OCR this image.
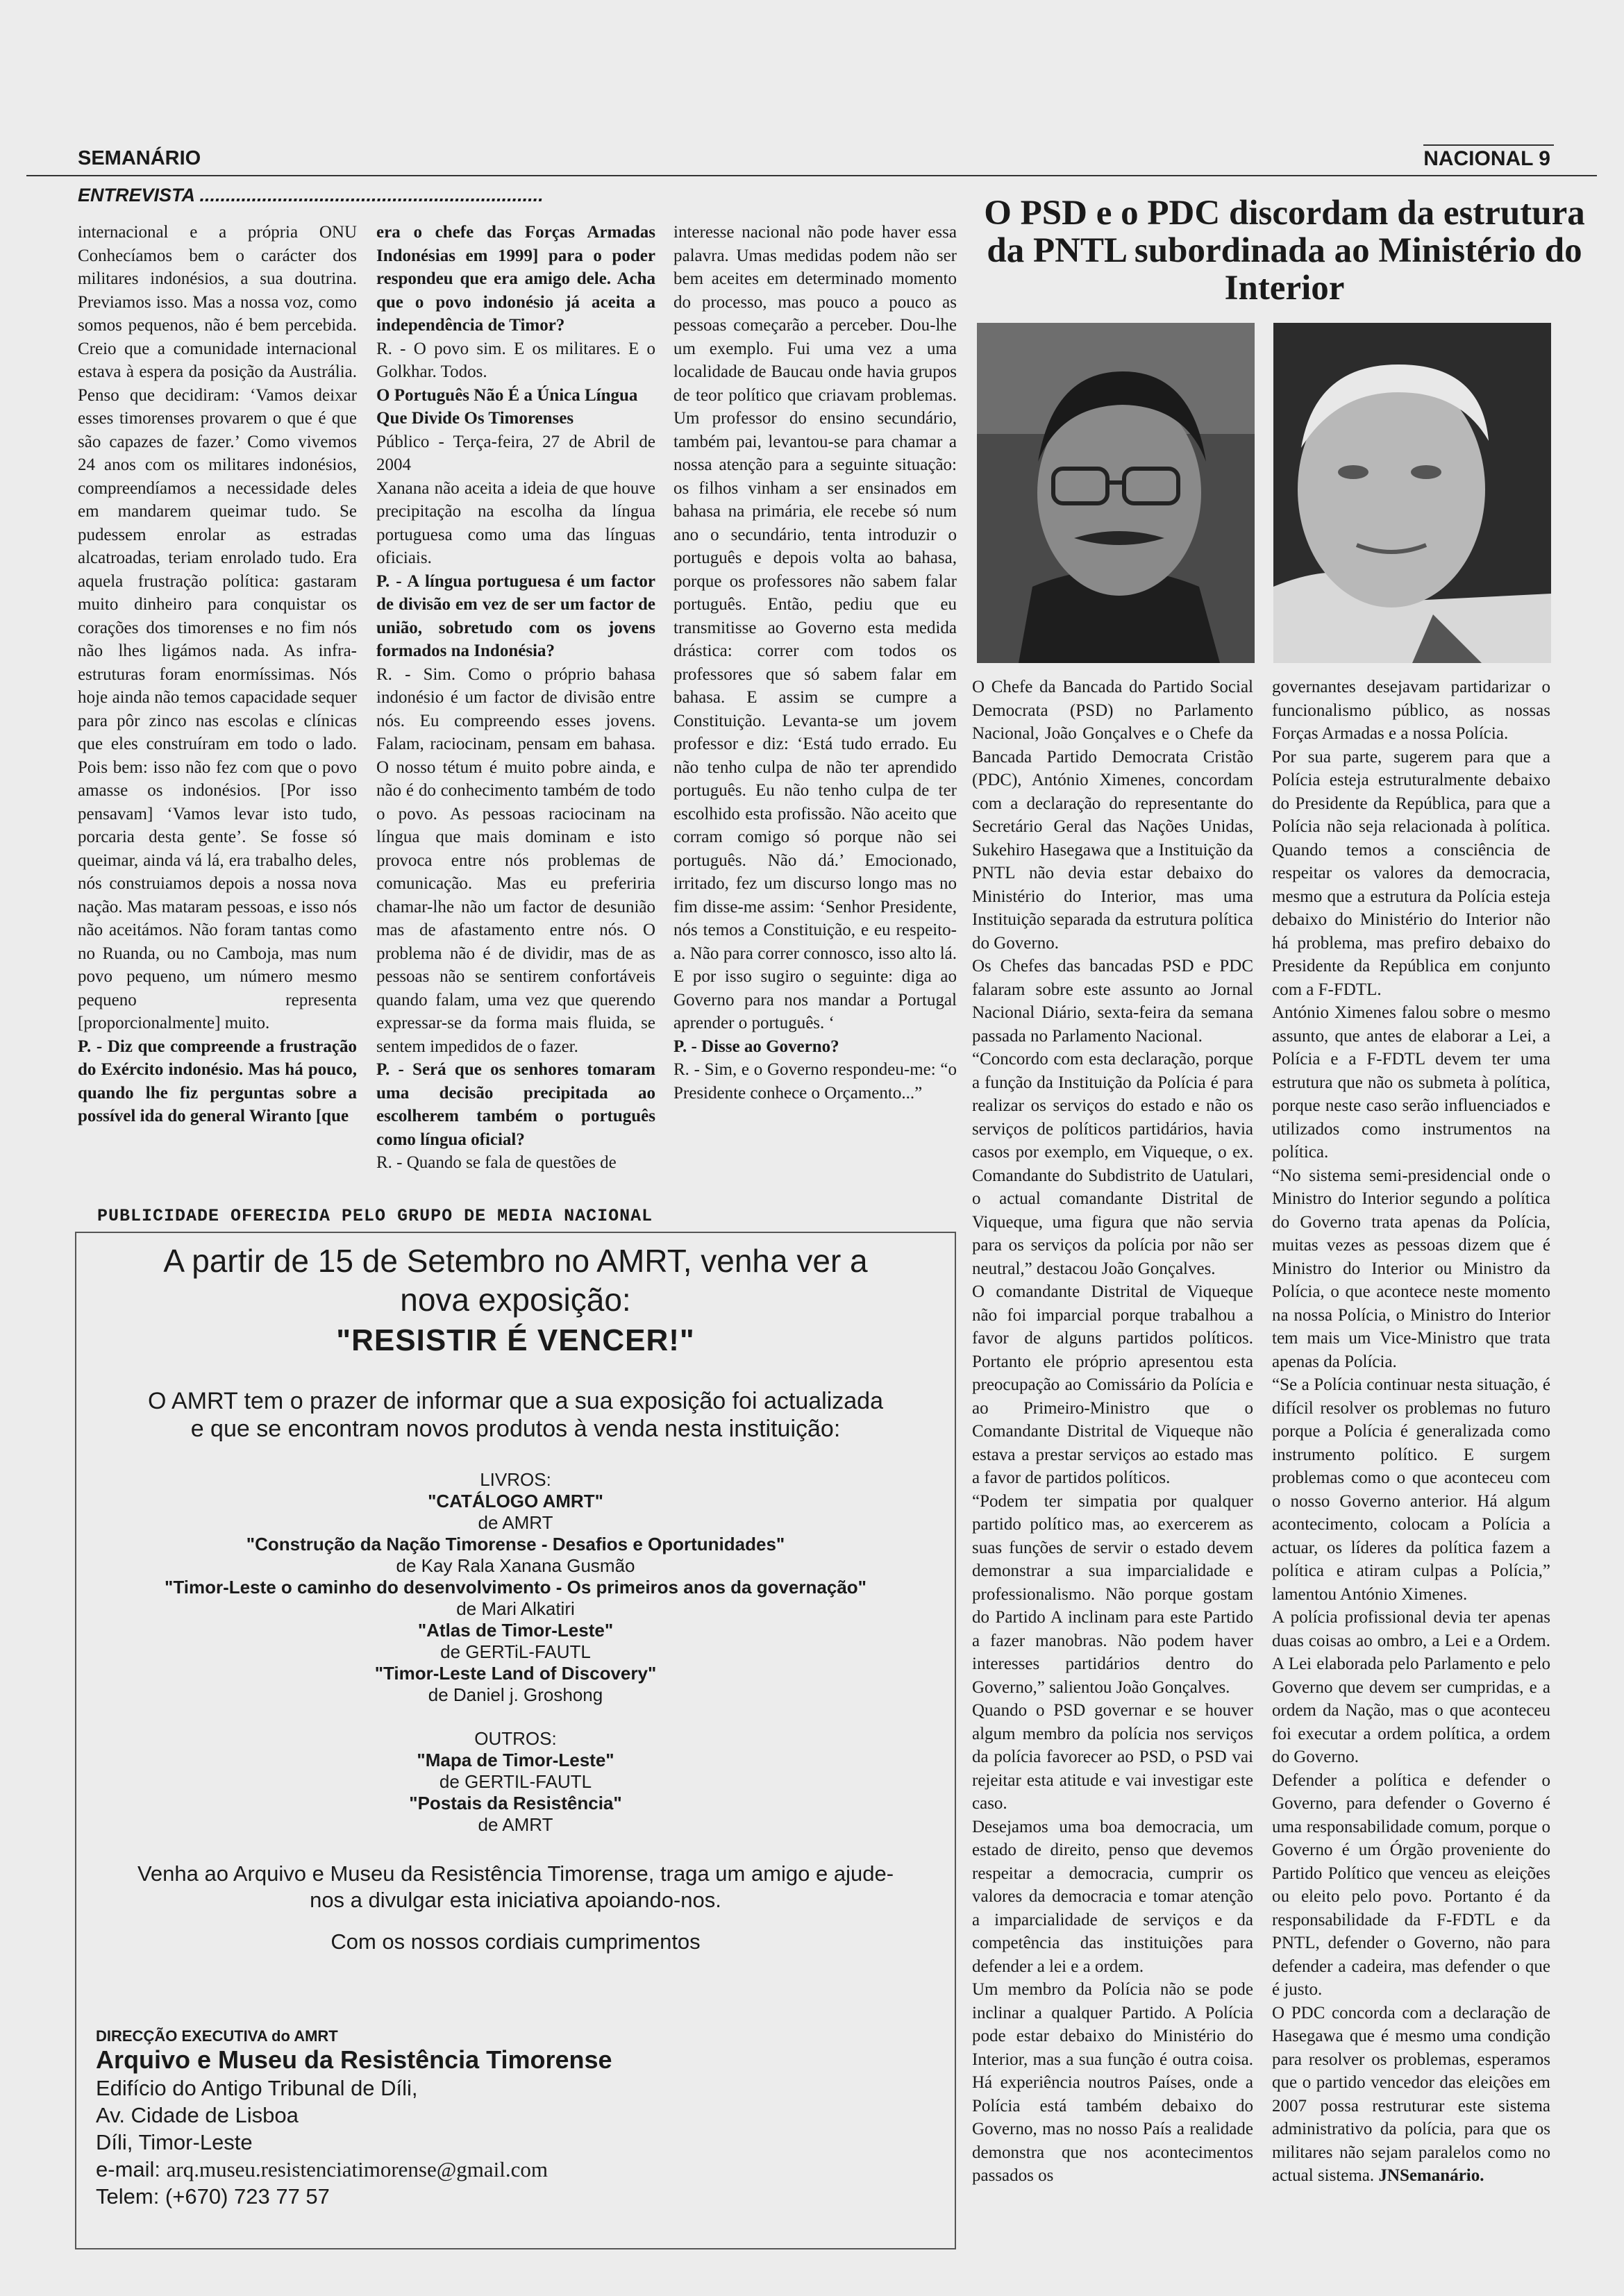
SEMANÁRIO	NACIONAL 9
ENTREVISTA ..................................................................

internacional e a própria ONU Conhecíamos bem o carácter dos militares indonésios, a sua doutrina. Previamos isso. Mas a nossa voz, como somos pequenos, não é bem percebida. Creio que a comunidade internacional estava à espera da posição da Austrália. Penso que decidiram: ‘Vamos deixar esses timorenses provarem o que é que são capazes de fazer.’ Como vivemos 24 anos com os militares indonésios, compreendíamos a necessidade deles em mandarem queimar tudo. Se pudessem enrolar as estradas alcatroadas, teriam enrolado tudo. Era aquela frustração política: gastaram muito dinheiro para conquistar os corações dos timorenses e no fim nós não lhes ligámos nada. As infra-estruturas foram enormíssimas. Nós hoje ainda não temos capacidade sequer para pôr zinco nas escolas e clínicas que eles construíram em todo o lado. Pois bem: isso não fez com que o povo amasse os indonésios. [Por isso pensavam] ‘Vamos levar isto tudo, porcaria desta gente’. Se fosse só queimar, ainda vá lá, era trabalho deles, nós construiamos depois a nossa nova nação. Mas mataram pessoas, e isso nós não aceitámos. Não foram tantas como no Ruanda, ou no Camboja, mas num povo pequeno, um número mesmo pequeno representa [proporcionalmente] muito.

P. - Diz que compreende a frustração do Exército indonésio. Mas há pouco, quando lhe fiz perguntas sobre a possível ida do general Wiranto [que

era o chefe das Forças Armadas Indonésias em 1999] para o poder respondeu que era amigo dele. Acha que o povo indonésio já aceita a independência de Timor?

R. - O povo sim. E os militares. E o Golkhar. Todos.

O Português Não É a Única Língua Que Divide Os Timorenses

Público - Terça-feira, 27 de Abril de 2004

Xanana não aceita a ideia de que houve precipitação na escolha da língua portuguesa como uma das línguas oficiais.

P. - A língua portuguesa é um factor de divisão em vez de ser um factor de união, sobretudo com os jovens formados na Indonésia?

R. - Sim. Como o próprio bahasa indonésio é um factor de divisão entre nós. Eu compreendo esses jovens. Falam, raciocinam, pensam em bahasa. O nosso tétum é muito pobre ainda, e não é do conhecimento também de todo o povo. As pessoas raciocinam na língua que mais dominam e isto provoca entre nós problemas de comunicação. Mas eu preferiria chamar-lhe não um factor de desunião mas de afastamento entre nós. O problema não é de dividir, mas de as pessoas não se sentirem confortáveis quando falam, uma vez que querendo expressar-se da forma mais fluida, se sentem impedidos de o fazer.

P. - Será que os senhores tomaram uma decisão precipitada ao escolherem também o português como língua oficial?

R. - Quando se fala de questões de

interesse nacional não pode haver essa palavra. Umas medidas podem não ser bem aceites em determinado momento do processo, mas pouco a pouco as pessoas começarão a perceber. Dou-lhe um exemplo. Fui uma vez a uma localidade de Baucau onde havia grupos de teor político que criavam problemas. Um professor do ensino secundário, também pai, levantou-se para chamar a nossa atenção para a seguinte situação: os filhos vinham a ser ensinados em bahasa na primária, ele recebe só num ano o secundário, tenta introduzir o português e depois volta ao bahasa, porque os professores não sabem falar português. Então, pediu que eu transmitisse ao Governo esta medida drástica: correr com todos os professores que só sabem falar em bahasa. E assim se cumpre a Constituição. Levanta-se um jovem professor e diz: ‘Está tudo errado. Eu não tenho culpa de não ter aprendido português. Eu não tenho culpa de ter escolhido esta profissão. Não aceito que corram comigo só porque não sei português. Não dá.’ Emocionado, irritado, fez um discurso longo mas no fim disse-me assim: ‘Senhor Presidente, nós temos a Constituição, e eu respeito-a. Não para correr connosco, isso alto lá. E por isso sugiro o seguinte: diga ao Governo para nos mandar a Portugal aprender o português. ‘

P. - Disse ao Governo?

R. - Sim, e o Governo respondeu-me: “o Presidente conhece o Orçamento...”

O PSD e o PDC discordam da estrutura da PNTL subordinada ao Ministério do Interior

O Chefe da Bancada do Partido Social Democrata (PSD) no Parlamento Nacional, João Gonçalves e o Chefe da Bancada Partido Democrata Cristão (PDC), António Ximenes, concordam com a declaração do representante do Secretário Geral das Nações Unidas, Sukehiro Hasegawa que a Instituição da PNTL não devia estar debaixo do Ministério do Interior, mas uma Instituição separada da estrutura política do Governo.

Os Chefes das bancadas PSD e PDC falaram sobre este assunto ao Jornal Nacional Diário, sexta-feira da semana passada no Parlamento Nacional.

“Concordo com esta declaração, porque a função da Instituição da Polícia é para realizar os serviços do estado e não os serviços de políticos partidários, havia casos por exemplo, em Viqueque, o ex. Comandante do Subdistrito de Uatulari, o actual comandante Distrital de Viqueque, uma figura que não servia para os serviços da polícia por não ser neutral,” destacou João Gonçalves.

O comandante Distrital de Viqueque não foi imparcial porque trabalhou a favor de alguns partidos políticos. Portanto ele próprio apresentou esta preocupação ao Comissário da Polícia e ao Primeiro-Ministro que o Comandante Distrital de Viqueque não estava a prestar serviços ao estado mas a favor de partidos políticos.

“Podem ter simpatia por qualquer partido político mas, ao exercerem as suas funções de servir o estado devem demonstrar a sua imparcialidade e professionalismo. Não porque gostam do Partido A inclinam para este Partido a fazer manobras. Não podem haver interesses partidários dentro do Governo,” salientou João Gonçalves.

Quando o PSD governar e se houver algum membro da polícia nos serviços da polícia favorecer ao PSD, o PSD vai rejeitar esta atitude e vai investigar este caso.

Desejamos uma boa democracia, um estado de direito, penso que devemos respeitar a democracia, cumprir os valores da democracia e tomar atenção a imparcialidade de serviços e da competência das instituições para defender a lei e a ordem.

Um membro da Polícia não se pode inclinar a qualquer Partido. A Polícia pode estar debaixo do Ministério do Interior, mas a sua função é outra coisa. Há experiência noutros Países, onde a Polícia está também debaixo do Governo, mas no nosso País a realidade demonstra que nos acontecimentos passados os

governantes desejavam partidarizar o funcionalismo público, as nossas Forças Armadas e a nossa Polícia.

Por sua parte, sugerem para que a Polícia esteja estruturalmente debaixo do Presidente da República, para que a Polícia não seja relacionada à política. Quando temos a consciência de respeitar os valores da democracia, mesmo que a estrutura da Polícia esteja debaixo do Ministério do Interior não há problema, mas prefiro debaixo do Presidente da República em conjunto com a F-FDTL.

António Ximenes falou sobre o mesmo assunto, que antes de elaborar a Lei, a Polícia e a F-FDTL devem ter uma estrutura que não os submeta à política, porque neste caso serão influenciados e utilizados como instrumentos na política.

“No sistema semi-presidencial onde o Ministro do Interior segundo a política do Governo trata apenas da Polícia, muitas vezes as pessoas dizem que é Ministro do Interior ou Ministro da Polícia, o que acontece neste momento na nossa Polícia, o Ministro do Interior tem mais um Vice-Ministro que trata apenas da Polícia.

“Se a Polícia continuar nesta situação, é difícil resolver os problemas no futuro porque a Polícia é generalizada como instrumento político. E surgem problemas como o que aconteceu com o nosso Governo anterior. Há algum acontecimento, colocam a Polícia a actuar, os líderes da política fazem a política e atiram culpas a Polícia,” lamentou António Ximenes.

A polícia profissional devia ter apenas duas coisas ao ombro, a Lei e a Ordem. A Lei elaborada pelo Parlamento e pelo Governo que devem ser cumpridas, e a ordem da Nação, mas o que aconteceu foi executar a ordem política, a ordem do Governo.

Defender a política e defender o Governo, para defender o Governo é uma responsabilidade comum, porque o Governo é um Órgão proveniente do Partido Político que venceu as eleições ou eleito pelo povo. Portanto é da responsabilidade da F-FDTL e da PNTL, defender o Governo, não para defender a cadeira, mas defender o que é justo.

O PDC concorda com a declaração de Hasegawa que é mesmo uma condição para resolver os problemas, esperamos que o partido vencedor das eleições em 2007 possa restruturar este sistema administrativo da polícia, para que os militares não sejam paralelos como no actual sistema. JNSemanário.

PUBLICIDADE OFERECIDA PELO GRUPO DE MEDIA NACIONAL

A partir de 15 de Setembro no AMRT, venha ver a

nova exposição:

"RESISTIR É VENCER!"

O AMRT tem o prazer de informar que a sua exposição foi actualizada

e que se encontram novos produtos à venda nesta instituição:

LIVROS:

"CATÁLOGO AMRT"

de AMRT

"Construção da Nação Timorense - Desafios e Oportunidades"

de Kay Rala Xanana Gusmão

"Timor-Leste o caminho do desenvolvimento - Os primeiros anos da governação"

de Mari Alkatiri

"Atlas de Timor-Leste"

de GERTiL-FAUTL

"Timor-Leste Land of Discovery"

de Daniel j. Groshong

OUTROS:

"Mapa de Timor-Leste"

de GERTIL-FAUTL

"Postais da Resistência"

de AMRT

Venha ao Arquivo e Museu da Resistência Timorense, traga um amigo e ajude-

nos a divulgar esta iniciativa apoiando-nos.

Com os nossos cordiais cumprimentos

DIRECÇÃO EXECUTIVA do AMRT

Arquivo e Museu da Resistência Timorense

Edifício do Antigo Tribunal de Díli,

Av. Cidade de Lisboa

Díli, Timor-Leste

e-mail: arq.museu.resistenciatimorense@gmail.com

Telem: (+670) 723 77 57
